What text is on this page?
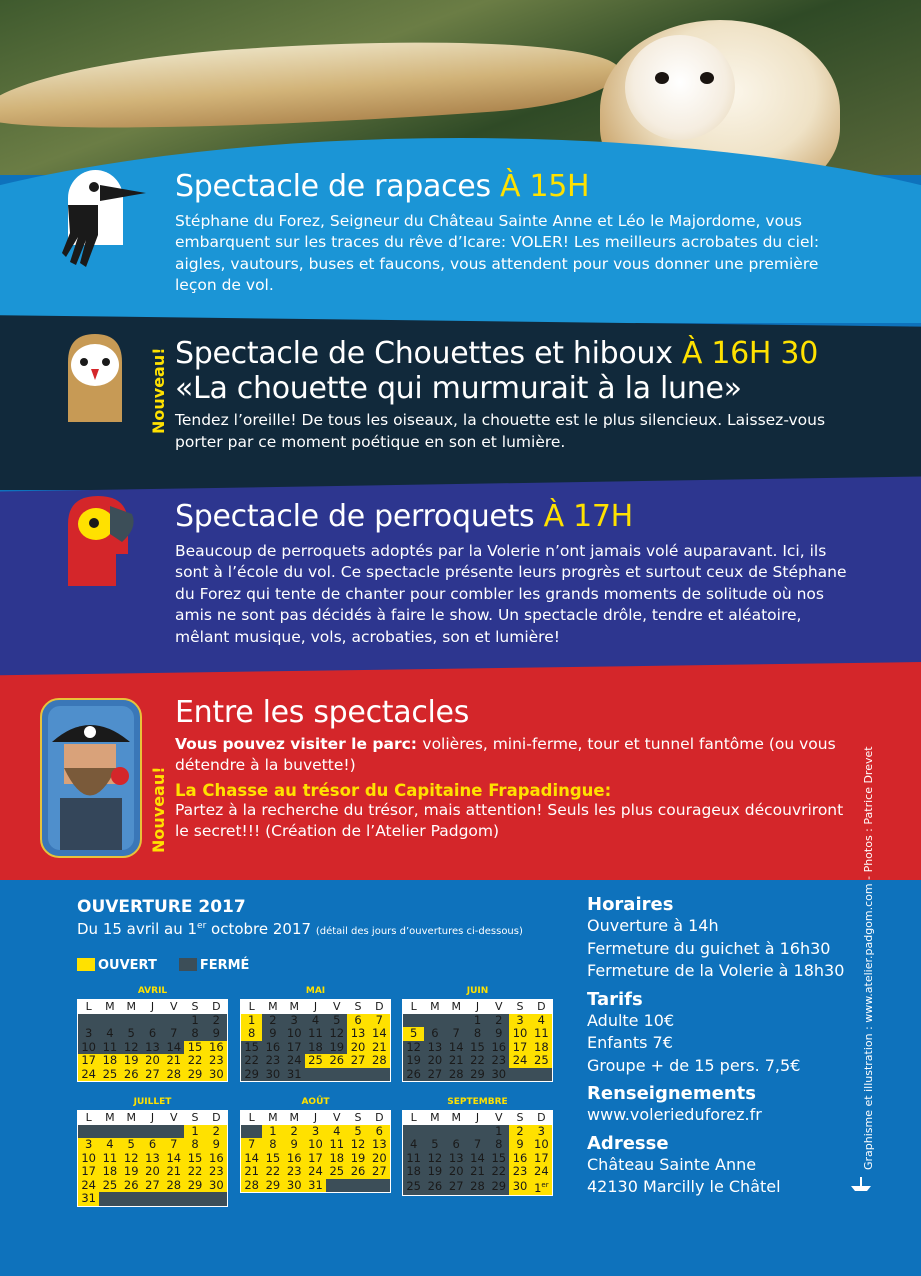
Spectacle de rapaces À 15H
Stéphane du Forez, Seigneur du Château Sainte Anne et Léo le Majordome, vous embarquent sur les traces du rêve d’Icare: VOLER! Les meilleurs acrobates du ciel: aigles, vautours, buses et faucons, vous attendent pour vous donner une première leçon de vol.
Nouveau! Spectacle de Chouettes et hiboux À 16H 30
«La chouette qui murmurait à la lune»
Tendez l’oreille! De tous les oiseaux, la chouette est le plus silencieux. Laissez-vous porter par ce moment poétique en son et lumière.
Spectacle de perroquets À 17H
Beaucoup de perroquets adoptés par la Volerie n’ont jamais volé auparavant. Ici, ils sont à l’école du vol. Ce spectacle présente leurs progrès et surtout ceux de Stéphane du Forez qui tente de chanter pour combler les grands moments de solitude où nos amis ne sont pas décidés à faire le show. Un spectacle drôle, tendre et aléatoire, mêlant musique, vols, acrobaties, son et lumière!
Nouveau!
Entre les spectacles
Vous pouvez visiter le parc: volières, mini-ferme, tour et tunnel fantôme (ou vous détendre à la buvette!)
La Chasse au trésor du Capitaine Frapadingue:
Partez à la recherche du trésor, mais attention! Seuls les plus courageux découvriront le secret!!! (Création de l’Atelier Padgom)
OUVERTURE 2017
Du 15 avril au 1er octobre 2017 (détail des jours d’ouvertures ci-dessous)
OUVERT	FERMÉ
AVRIL
L	M	M	J	V	S	D
					1	2
3	4	5	6	7	8	9
10	11	12	13	14	15	16
17	18	19	20	21	22	23
24	25	26	27	28	29	30
MAI
L	M	M	J	V	S	D
1	2	3	4	5	6	7
8	9	10	11	12	13	14
15	16	17	18	19	20	21
22	23	24	25	26	27	28
29	30	31				
JUIN
L	M	M	J	V	S	D
			1	2	3	4
5	6	7	8	9	10	11
12	13	14	15	16	17	18
19	20	21	22	23	24	25
26	27	28	29	30		
JUILLET
L	M	M	J	V	S	D
					1	2
3	4	5	6	7	8	9
10	11	12	13	14	15	16
17	18	19	20	21	22	23
24	25	26	27	28	29	30
31						
AOÛT
L	M	M	J	V	S	D
	1	2	3	4	5	6
7	8	9	10	11	12	13
14	15	16	17	18	19	20
21	22	23	24	25	26	27
28	29	30	31			
SEPTEMBRE
L	M	M	J	V	S	D
				1	2	3
4	5	6	7	8	9	10
11	12	13	14	15	16	17
18	19	20	21	22	23	24
25	26	27	28	29	30	1er
Horaires
Ouverture à 14h
Fermeture du guichet à 16h30
Fermeture de la Volerie à 18h30
Tarifs
Adulte 10€
Enfants 7€
Groupe + de 15 pers. 7,5€
Renseignements
www.volerieduforez.fr
Adresse
Château Sainte Anne
42130 Marcilly le Châtel
Graphisme et illustration : www.atelier.padgom.com - Photos : Patrice Drevet
